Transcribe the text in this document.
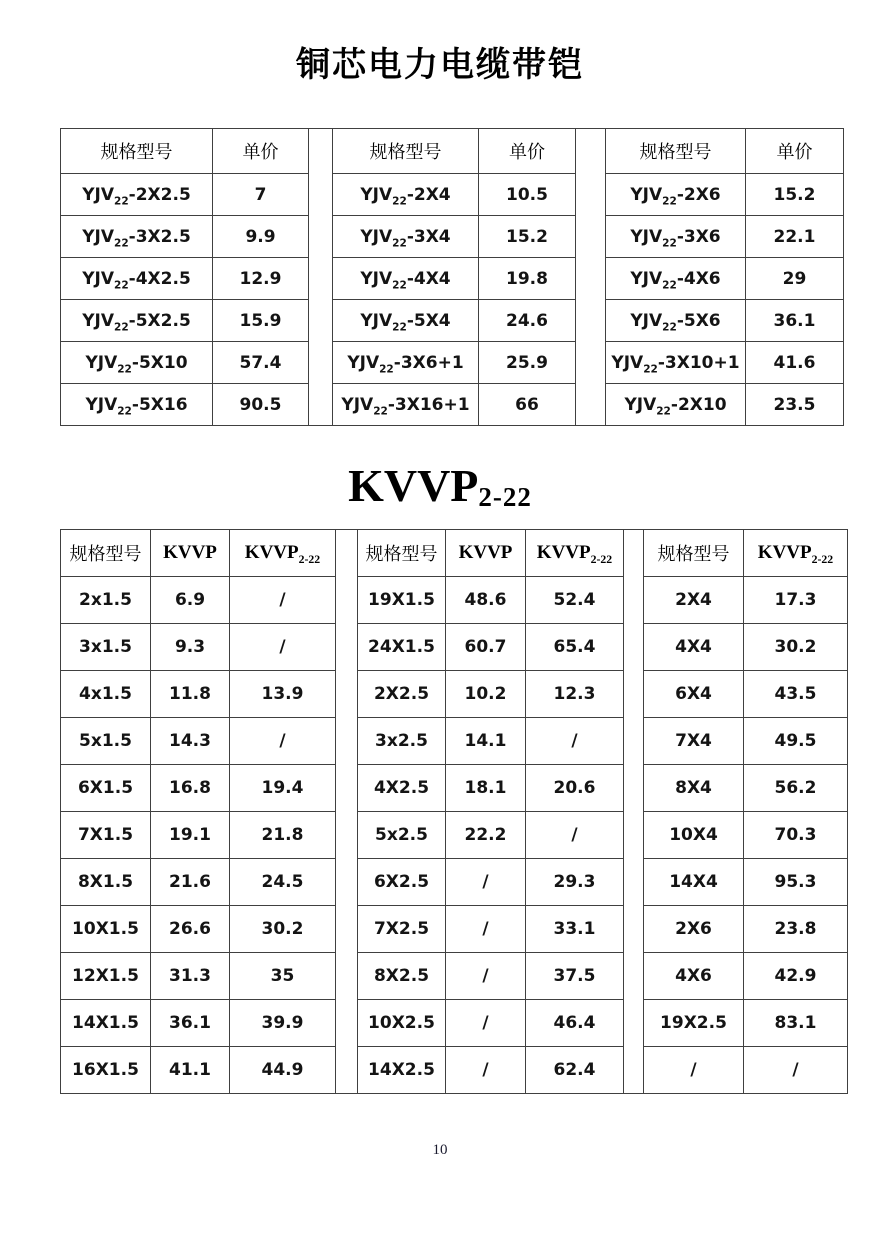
铜芯电力电缆带铠
规格型号	单价		规格型号	单价		规格型号	单价
$YJV_{22}-2X2.5$	7		$YJV_{22}-2X4$	10.5		$YJV_{22}-2X6$	15.2
$YJV_{22}-3X2.5$	9.9		$YJV_{22}-3X4$	15.2		$YJV_{22}-3X6$	22.1
$YJV_{22}-4X2.5$	12.9		$YJV_{22}-4X4$	19.8		$YJV_{22}-4X6$	29
$YJV_{22}-5X2.5$	15.9		$YJV_{22}-5X4$	24.6		$YJV_{22}-5X6$	36.1
$YJV_{22}-5X10$	57.4		$YJV_{22}-3X6+1$	25.9		$YJV_{22}-3X10+1$	41.6
$YJV_{22}-5X16$	90.5		$YJV_{22}-3X16+1$	66		$YJV_{22}-2X10$	23.5
KVVP2-22
规格型号	KVVP	$KVVP_{2-22}$		规格型号	KVVP	$KVVP_{2-22}$		规格型号	$KVVP_{2-22}$
2x1.5	6.9	/		19X1.5	48.6	52.4		2X4	17.3
3x1.5	9.3	/		24X1.5	60.7	65.4		4X4	30.2
4x1.5	11.8	13.9		2X2.5	10.2	12.3		6X4	43.5
5x1.5	14.3	/		3x2.5	14.1	/		7X4	49.5
6X1.5	16.8	19.4		4X2.5	18.1	20.6		8X4	56.2
7X1.5	19.1	21.8		5x2.5	22.2	/		10X4	70.3
8X1.5	21.6	24.5		6X2.5	/	29.3		14X4	95.3
10X1.5	26.6	30.2		7X2.5	/	33.1		2X6	23.8
12X1.5	31.3	35		8X2.5	/	37.5		4X6	42.9
14X1.5	36.1	39.9		10X2.5	/	46.4		19X2.5	83.1
16X1.5	41.1	44.9		14X2.5	/	62.4		/	/
10
